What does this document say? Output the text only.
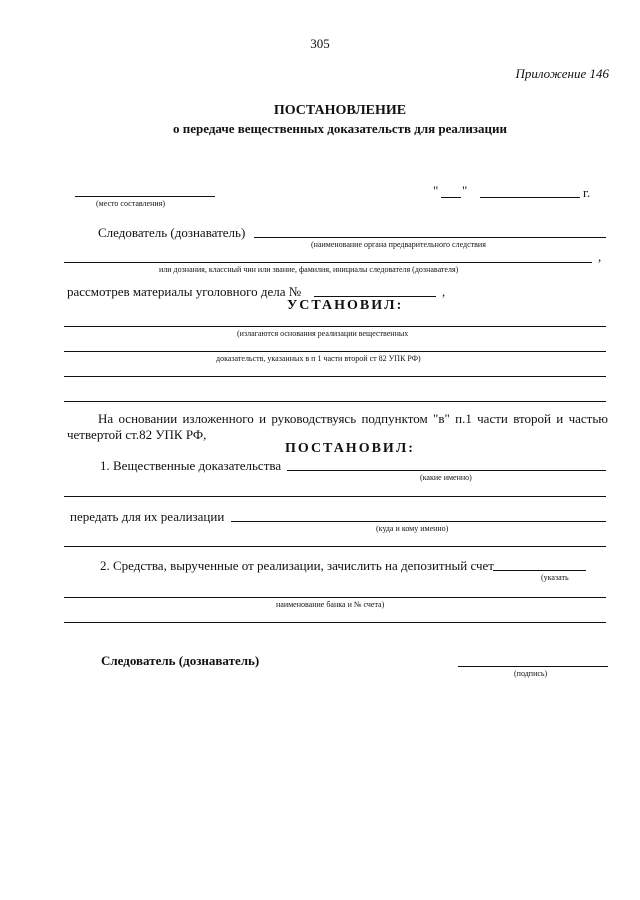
305
Приложение 146
ПОСТАНОВЛЕНИЕ
о передаче вещественных доказательств для реализации
(место составления)
" "	г.
Следователь (дознаватель)
(наименование органа предварительного следствия
,
или дознания, классный чин или звание, фамилия, инициалы следователя (дознавателя)
рассмотрев материалы уголовного дела №	,
УСТАНОВИЛ:
(излагаются основания реализации вещественных
доказательств, указанных в п 1 части второй ст 82 УПК РФ)
На основании изложенного и руководствуясь подпунктом "в" п.1 части второй и частью четвертой ст.82 УПК РФ,
ПОСТАНОВИЛ:
1. Вещественные доказательства
(какие именно)
передать для их реализации
(куда и кому именно)
2. Средства, вырученные от реализации, зачислить на депозитный счет
(указать
наименование банка и № счета)
Следователь (дознаватель)
(подпись)
